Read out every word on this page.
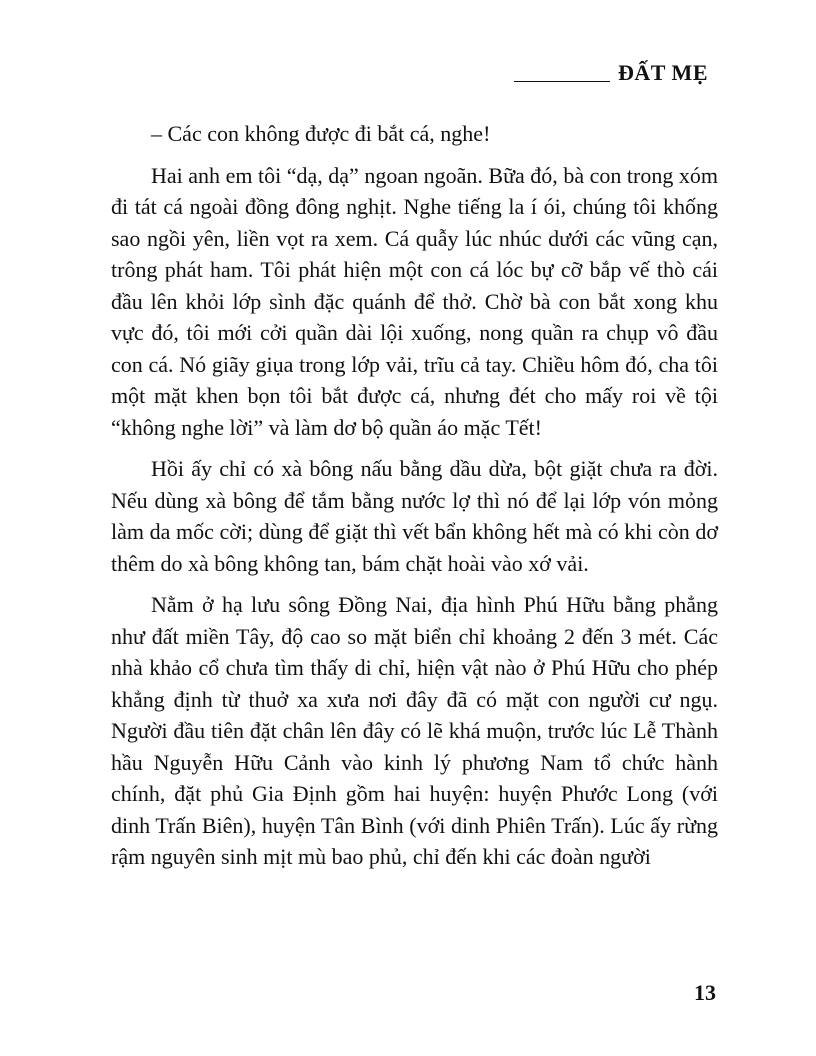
ĐẤT MẸ

– Các con không được đi bắt cá, nghe!

Hai anh em tôi “dạ, dạ” ngoan ngoãn. Bữa đó, bà con trong xóm đi tát cá ngoài đồng đông nghịt. Nghe tiếng la í ói, chúng tôi khống sao ngồi yên, liền vọt ra xem. Cá quẫy lúc nhúc dưới các vũng cạn, trông phát ham. Tôi phát hiện một con cá lóc bự cỡ bắp vế thò cái đầu lên khỏi lớp sình đặc quánh để thở. Chờ bà con bắt xong khu vực đó, tôi mới cởi quần dài lội xuống, nong quần ra chụp vô đầu con cá. Nó giãy giụa trong lớp vải, trĩu cả tay. Chiều hôm đó, cha tôi một mặt khen bọn tôi bắt được cá, nhưng đét cho mấy roi về tội “không nghe lời” và làm dơ bộ quần áo mặc Tết!

Hồi ấy chỉ có xà bông nấu bằng dầu dừa, bột giặt chưa ra đời. Nếu dùng xà bông để tắm bằng nước lợ thì nó để lại lớp vón mỏng làm da mốc cời; dùng để giặt thì vết bẩn không hết mà có khi còn dơ thêm do xà bông không tan, bám chặt hoài vào xớ vải.

Nằm ở hạ lưu sông Đồng Nai, địa hình Phú Hữu bằng phẳng như đất miền Tây, độ cao so mặt biển chỉ khoảng 2 đến 3 mét. Các nhà khảo cổ chưa tìm thấy di chỉ, hiện vật nào ở Phú Hữu cho phép khẳng định từ thuở xa xưa nơi đây đã có mặt con người cư ngụ. Người đầu tiên đặt chân lên đây có lẽ khá muộn, trước lúc Lễ Thành hầu Nguyễn Hữu Cảnh vào kinh lý phương Nam tổ chức hành chính, đặt phủ Gia Định gồm hai huyện: huyện Phước Long (với dinh Trấn Biên), huyện Tân Bình (với dinh Phiên Trấn). Lúc ấy rừng rậm nguyên sinh mịt mù bao phủ, chỉ đến khi các đoàn người

13
